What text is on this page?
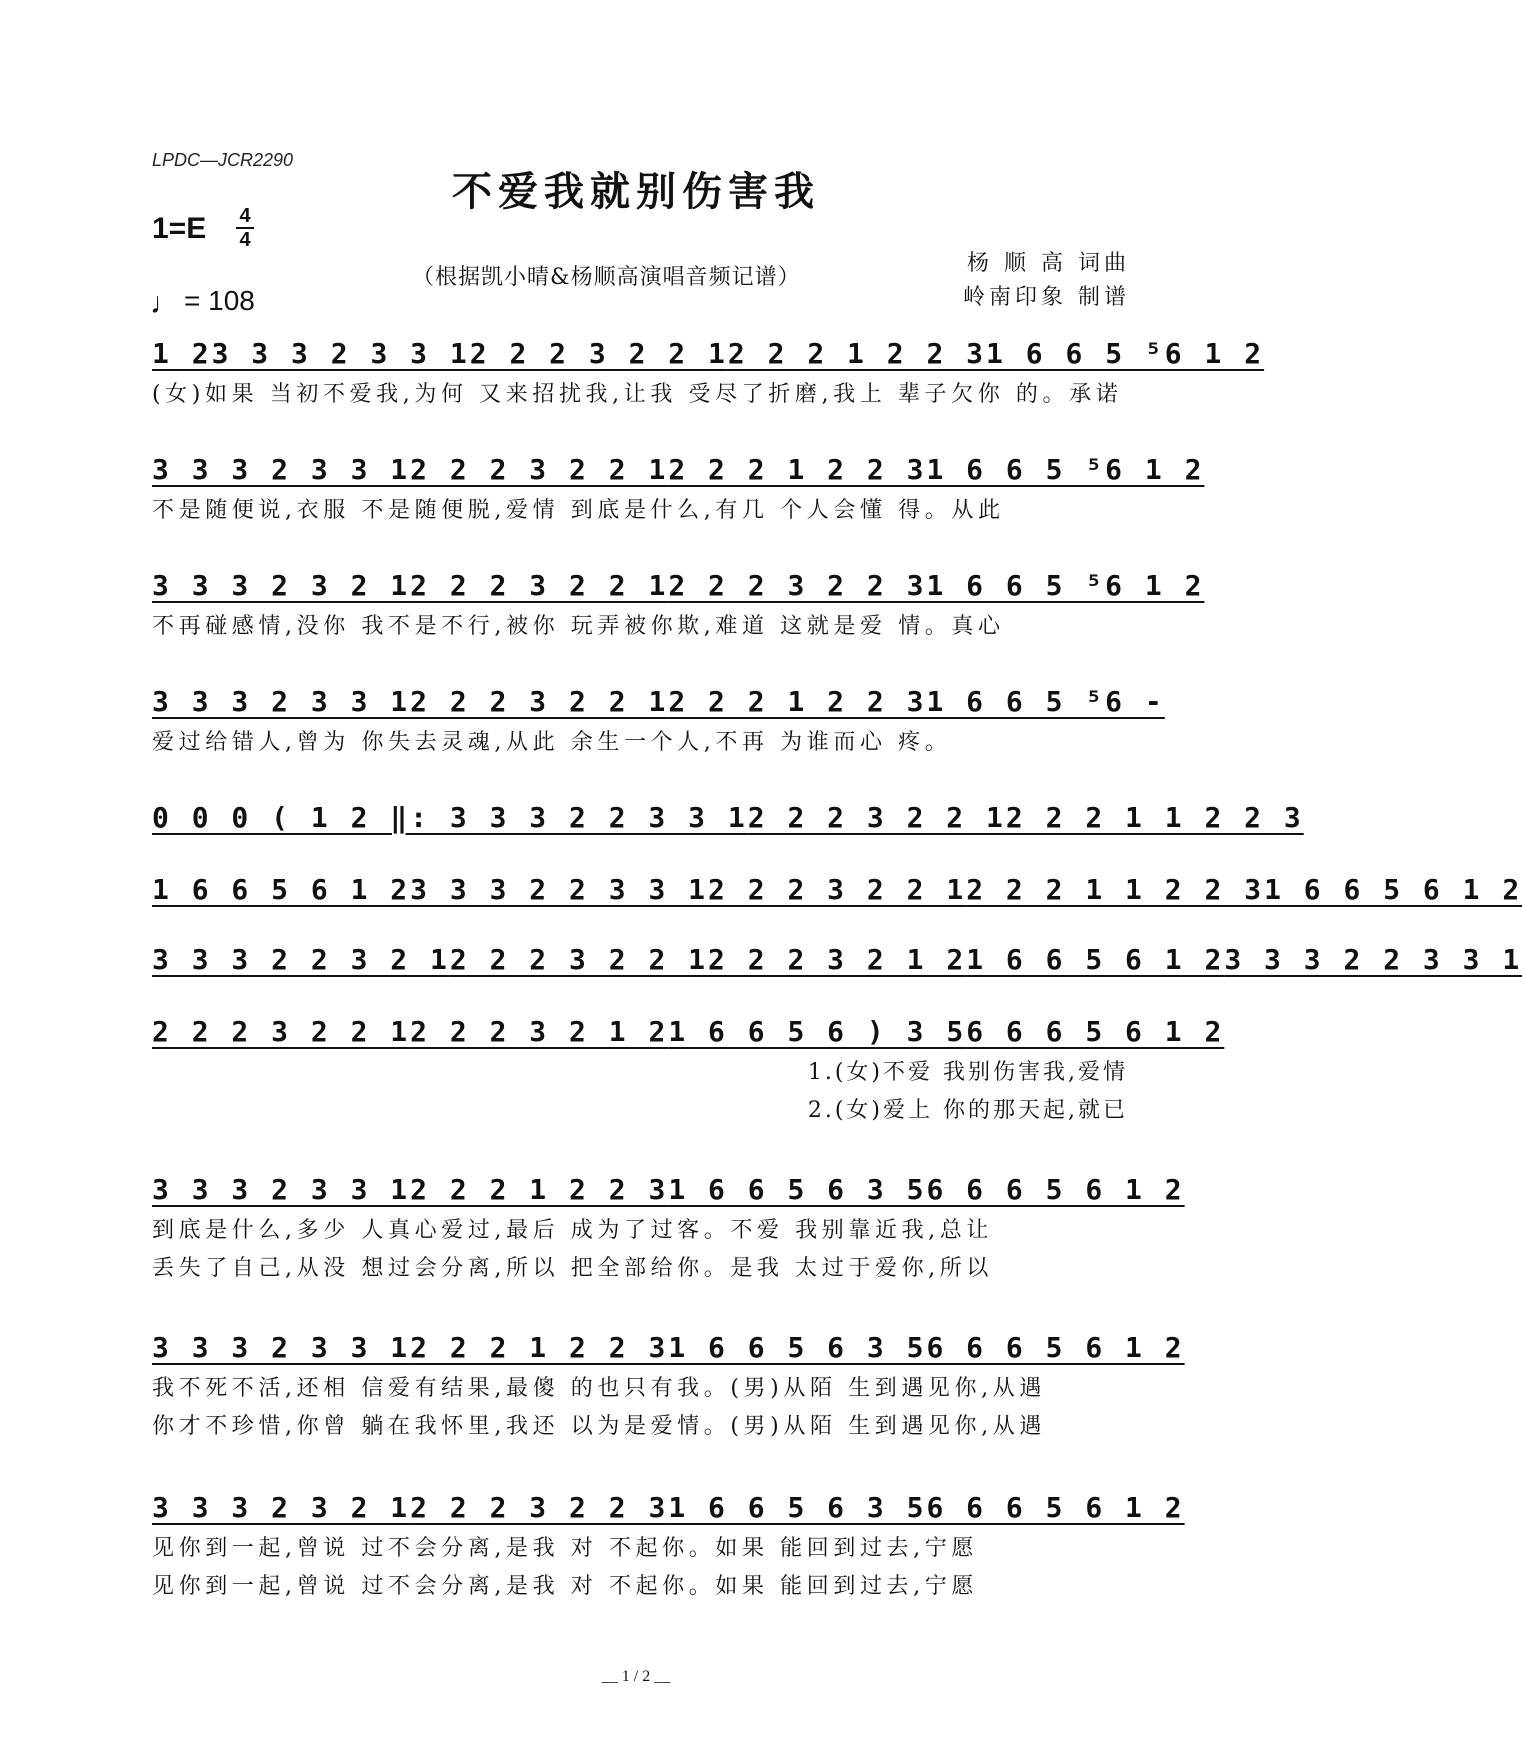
LPDC—JCR2290
不爱我就别伤害我
1=E 4
4
♩ = 108
（根据凯小晴&杨顺高演唱音频记谱）
杨 顺 高 词曲
岭南印象 制谱
1 2 3 3 3 2 3 3 1 2 2 2 3 2 2 1 2 2 2 1 2 2 3 1 6 6 5 ⁵6 1 2
(女)如果 当初不爱我,为何 又来招扰我,让我 受尽了折磨,我上 辈子欠你 的。承诺
3 3 3 2 3 3 1 2 2 2 3 2 2 1 2 2 2 1 2 2 3 1 6 6 5 ⁵6 1 2
不是随便说,衣服 不是随便脱,爱情 到底是什么,有几 个人会懂 得。从此
3 3 3 2 3 2 1 2 2 2 3 2 2 1 2 2 2 3 2 2 3 1 6 6 5 ⁵6 1 2
不再碰感情,没你 我不是不行,被你 玩弄被你欺,难道 这就是爱 情。真心
3 3 3 2 3 3 1 2 2 2 3 2 2 1 2 2 2 1 2 2 3 1 6 6 5 ⁵6 -
爱过给错人,曾为 你失去灵魂,从此 余生一个人,不再 为谁而心 疼。
0 0 0 ( 1 2 ‖: 3 3 3 2 2 3 3 1 2 2 2 3 2 2 1 2 2 2 1 1 2 2 3
1 6 6 5 6 1 2 3 3 3 2 2 3 3 1 2 2 2 3 2 2 1 2 2 2 1 1 2 2 3 1 6 6 5 6 1 2
3 3 3 2 2 3 2 1 2 2 2 3 2 2 1 2 2 2 3 2 1 2 1 6 6 5 6 1 2 3 3 3 2 2 3 3 1
2 2 2 3 2 2 1 2 2 2 3 2 1 2 1 6 6 5 6 ) 3 5 6 6 6 5 6 1 2
1.(女)不爱 我别伤害我,爱情
2.(女)爱上 你的那天起,就已
3 3 3 2 3 3 1 2 2 2 1 2 2 3 1 6 6 5 6 3 5 6 6 6 5 6 1 2
到底是什么,多少 人真心爱过,最后 成为了过客。不爱 我别靠近我,总让
丢失了自己,从没 想过会分离,所以 把全部给你。是我 太过于爱你,所以
3 3 3 2 3 3 1 2 2 2 1 2 2 3 1 6 6 5 6 3 5 6 6 6 5 6 1 2
我不死不活,还相 信爱有结果,最傻 的也只有我。(男)从陌 生到遇见你,从遇
你才不珍惜,你曾 躺在我怀里,我还 以为是爱情。(男)从陌 生到遇见你,从遇
3 3 3 2 3 2 1 2 2 2 3 2 2 3 1 6 6 5 6 3 5 6 6 6 5 6 1 2
见你到一起,曾说 过不会分离,是我 对 不起你。如果 能回到过去,宁愿
见你到一起,曾说 过不会分离,是我 对 不起你。如果 能回到过去,宁愿
__ 1 / 2 __
